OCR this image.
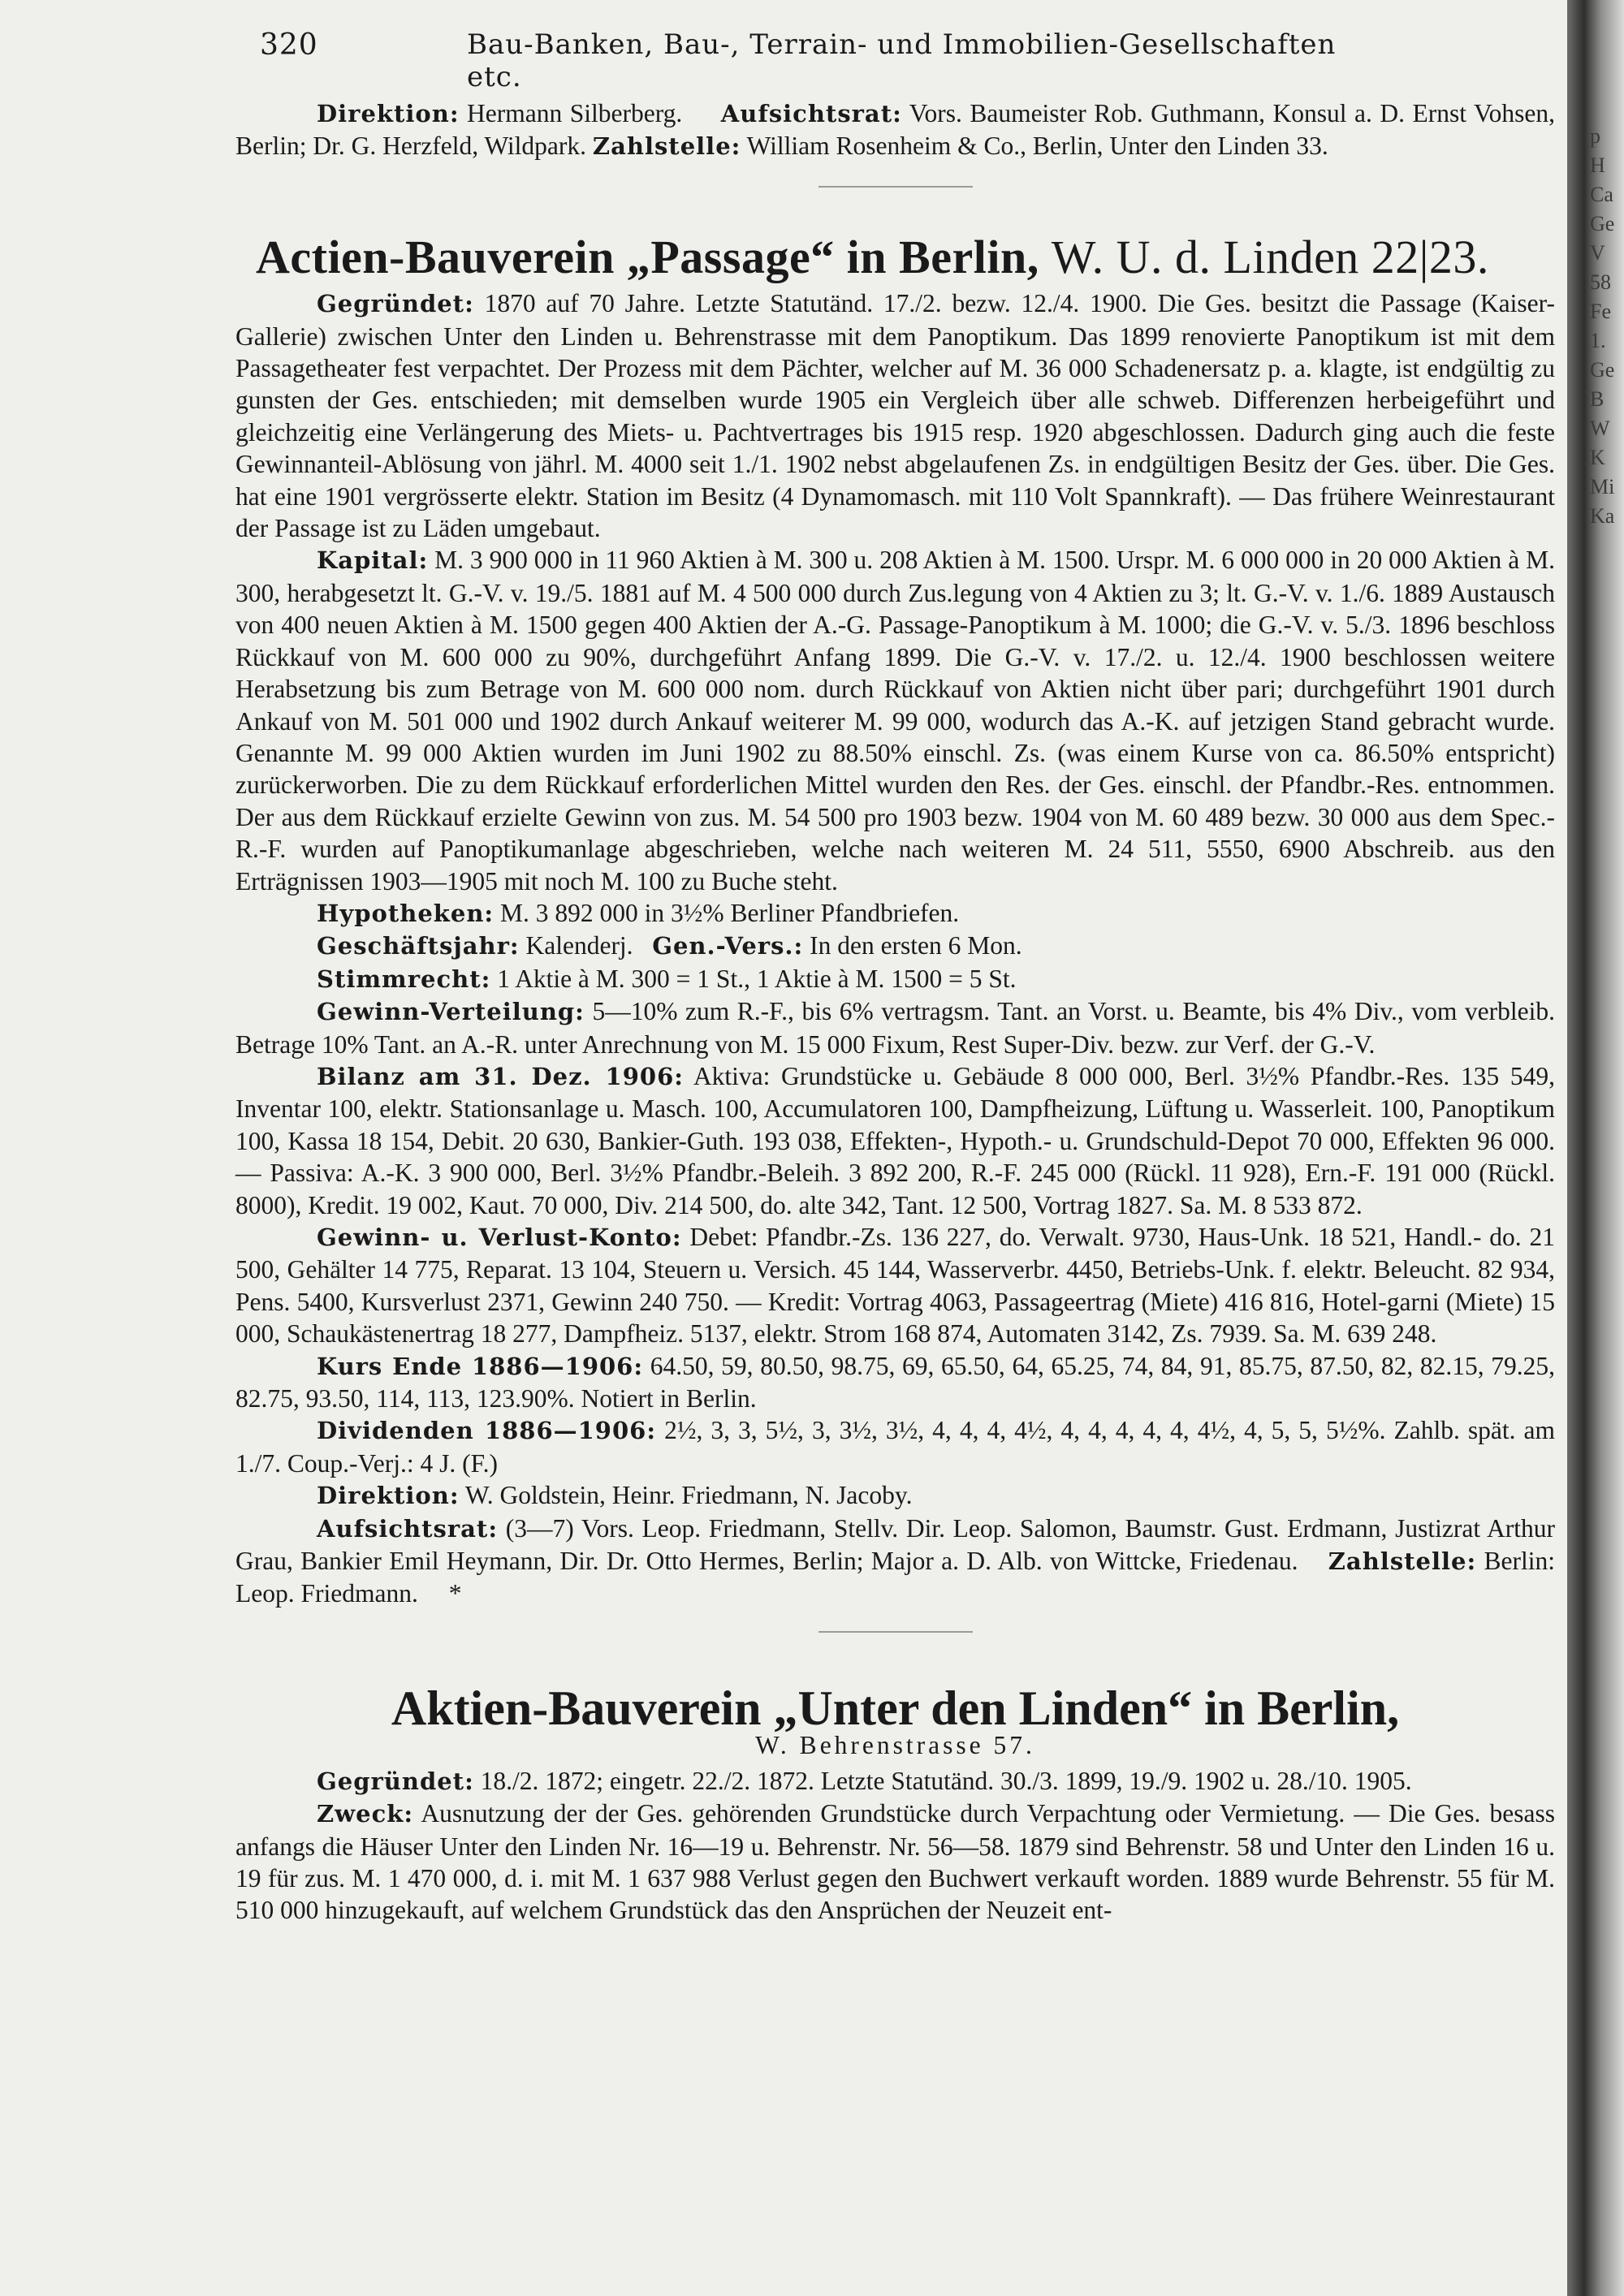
320	Bau-Banken, Bau-, Terrain- und Immobilien-Gesellschaften etc.

Direktion: Hermann Silberberg. Aufsichtsrat: Vors. Baumeister Rob. Guthmann, Konsul a. D. Ernst Vohsen, Berlin; Dr. G. Herzfeld, Wildpark. Zahlstelle: William Rosenheim & Co., Berlin, Unter den Linden 33.

Actien-Bauverein „Passage“ in Berlin, W. U. d. Linden 22|23.

Gegründet: 1870 auf 70 Jahre. Letzte Statutänd. 17./2. bezw. 12./4. 1900. Die Ges. besitzt die Passage (Kaiser-Gallerie) zwischen Unter den Linden u. Behrenstrasse mit dem Panoptikum. Das 1899 renovierte Panoptikum ist mit dem Passagetheater fest verpachtet. Der Prozess mit dem Pächter, welcher auf M. 36 000 Schadenersatz p. a. klagte, ist endgültig zu gunsten der Ges. entschieden; mit demselben wurde 1905 ein Vergleich über alle schweb. Differenzen herbeigeführt und gleichzeitig eine Verlängerung des Miets- u. Pachtvertrages bis 1915 resp. 1920 abgeschlossen. Dadurch ging auch die feste Gewinnanteil-Ablösung von jährl. M. 4000 seit 1./1. 1902 nebst abgelaufenen Zs. in endgültigen Besitz der Ges. über. Die Ges. hat eine 1901 vergrösserte elektr. Station im Besitz (4 Dynamomasch. mit 110 Volt Spannkraft). — Das frühere Weinrestaurant der Passage ist zu Läden umgebaut.

Kapital: M. 3 900 000 in 11 960 Aktien à M. 300 u. 208 Aktien à M. 1500. Urspr. M. 6 000 000 in 20 000 Aktien à M. 300, herabgesetzt lt. G.-V. v. 19./5. 1881 auf M. 4 500 000 durch Zus.legung von 4 Aktien zu 3; lt. G.-V. v. 1./6. 1889 Austausch von 400 neuen Aktien à M. 1500 gegen 400 Aktien der A.-G. Passage-Panoptikum à M. 1000; die G.-V. v. 5./3. 1896 beschloss Rückkauf von M. 600 000 zu 90%, durchgeführt Anfang 1899. Die G.-V. v. 17./2. u. 12./4. 1900 beschlossen weitere Herabsetzung bis zum Betrage von M. 600 000 nom. durch Rückkauf von Aktien nicht über pari; durchgeführt 1901 durch Ankauf von M. 501 000 und 1902 durch Ankauf weiterer M. 99 000, wodurch das A.-K. auf jetzigen Stand gebracht wurde. Genannte M. 99 000 Aktien wurden im Juni 1902 zu 88.50% einschl. Zs. (was einem Kurse von ca. 86.50% entspricht) zurückerworben. Die zu dem Rückkauf erforderlichen Mittel wurden den Res. der Ges. einschl. der Pfandbr.-Res. entnommen. Der aus dem Rückkauf erzielte Gewinn von zus. M. 54 500 pro 1903 bezw. 1904 von M. 60 489 bezw. 30 000 aus dem Spec.-R.-F. wurden auf Panoptikumanlage abgeschrieben, welche nach weiteren M. 24 511, 5550, 6900 Abschreib. aus den Erträgnissen 1903—1905 mit noch M. 100 zu Buche steht.

Hypotheken: M. 3 892 000 in 3½% Berliner Pfandbriefen.

Geschäftsjahr: Kalenderj. Gen.-Vers.: In den ersten 6 Mon.

Stimmrecht: 1 Aktie à M. 300 = 1 St., 1 Aktie à M. 1500 = 5 St.

Gewinn-Verteilung: 5—10% zum R.-F., bis 6% vertragsm. Tant. an Vorst. u. Beamte, bis 4% Div., vom verbleib. Betrage 10% Tant. an A.-R. unter Anrechnung von M. 15 000 Fixum, Rest Super-Div. bezw. zur Verf. der G.-V.

Bilanz am 31. Dez. 1906: Aktiva: Grundstücke u. Gebäude 8 000 000, Berl. 3½% Pfandbr.-Res. 135 549, Inventar 100, elektr. Stationsanlage u. Masch. 100, Accumulatoren 100, Dampfheizung, Lüftung u. Wasserleit. 100, Panoptikum 100, Kassa 18 154, Debit. 20 630, Bankier-Guth. 193 038, Effekten-, Hypoth.- u. Grundschuld-Depot 70 000, Effekten 96 000. — Passiva: A.-K. 3 900 000, Berl. 3½% Pfandbr.-Beleih. 3 892 200, R.-F. 245 000 (Rückl. 11 928), Ern.-F. 191 000 (Rückl. 8000), Kredit. 19 002, Kaut. 70 000, Div. 214 500, do. alte 342, Tant. 12 500, Vortrag 1827. Sa. M. 8 533 872.

Gewinn- u. Verlust-Konto: Debet: Pfandbr.-Zs. 136 227, do. Verwalt. 9730, Haus-Unk. 18 521, Handl.- do. 21 500, Gehälter 14 775, Reparat. 13 104, Steuern u. Versich. 45 144, Wasserverbr. 4450, Betriebs-Unk. f. elektr. Beleucht. 82 934, Pens. 5400, Kursverlust 2371, Gewinn 240 750. — Kredit: Vortrag 4063, Passageertrag (Miete) 416 816, Hotel-garni (Miete) 15 000, Schaukästenertrag 18 277, Dampfheiz. 5137, elektr. Strom 168 874, Automaten 3142, Zs. 7939. Sa. M. 639 248.

Kurs Ende 1886—1906: 64.50, 59, 80.50, 98.75, 69, 65.50, 64, 65.25, 74, 84, 91, 85.75, 87.50, 82, 82.15, 79.25, 82.75, 93.50, 114, 113, 123.90%. Notiert in Berlin.

Dividenden 1886—1906: 2½, 3, 3, 5½, 3, 3½, 3½, 4, 4, 4, 4½, 4, 4, 4, 4, 4, 4½, 4, 5, 5, 5½%. Zahlb. spät. am 1./7. Coup.-Verj.: 4 J. (F.)

Direktion: W. Goldstein, Heinr. Friedmann, N. Jacoby.

Aufsichtsrat: (3—7) Vors. Leop. Friedmann, Stellv. Dir. Leop. Salomon, Baumstr. Gust. Erdmann, Justizrat Arthur Grau, Bankier Emil Heymann, Dir. Dr. Otto Hermes, Berlin; Major a. D. Alb. von Wittcke, Friedenau. Zahlstelle: Berlin: Leop. Friedmann. *

Aktien-Bauverein „Unter den Linden“ in Berlin,
W. Behrenstrasse 57.

Gegründet: 18./2. 1872; eingetr. 22./2. 1872. Letzte Statutänd. 30./3. 1899, 19./9. 1902 u. 28./10. 1905.

Zweck: Ausnutzung der der Ges. gehörenden Grundstücke durch Verpachtung oder Vermietung. — Die Ges. besass anfangs die Häuser Unter den Linden Nr. 16—19 u. Behrenstr. Nr. 56—58. 1879 sind Behrenstr. 58 und Unter den Linden 16 u. 19 für zus. M. 1 470 000, d. i. mit M. 1 637 988 Verlust gegen den Buchwert verkauft worden. 1889 wurde Behrenstr. 55 für M. 510 000 hinzugekauft, auf welchem Grundstück das den Ansprüchen der Neuzeit ent-

p
H
Ca
Ge
V
58
Fe
1.
Ge
B
W
K
Mi
Ka
